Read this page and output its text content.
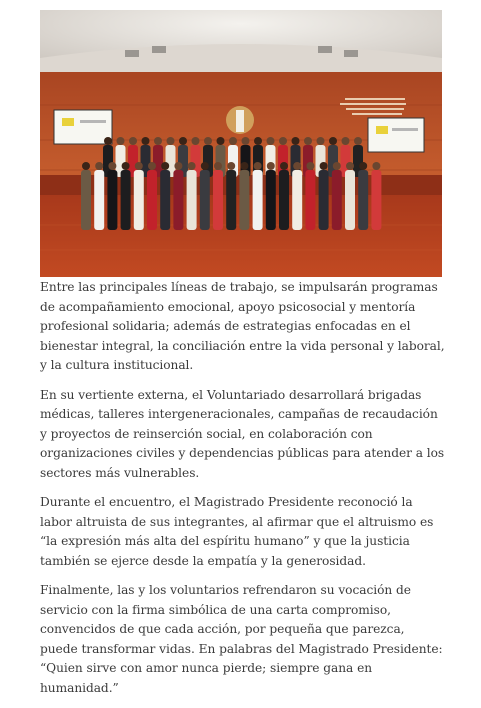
Entre las principales líneas de trabajo, se impulsarán programas de acompañamiento emocional, apoyo psicosocial y mentoría profesional solidaria; además de estrategias enfocadas en el bienestar integral, la conciliación entre la vida personal y laboral, y la cultura institucional.

En su vertiente externa, el Voluntariado desarrollará brigadas médicas, talleres intergeneracionales, campañas de recaudación y proyectos de reinserción social, en colaboración con organizaciones civiles y dependencias públicas para atender a los sectores más vulnerables.

Durante el encuentro, el Magistrado Presidente reconoció la labor altruista de sus integrantes, al afirmar que el altruismo es “la expresión más alta del espíritu humano” y que la justicia también se ejerce desde la empatía y la generosidad.

Finalmente, las y los voluntarios refrendaron su vocación de servicio con la firma simbólica de una carta compromiso, convencidos de que cada acción, por pequeña que parezca, puede transformar vidas. En palabras del Magistrado Presidente: “Quien sirve con amor nunca pierde; siempre gana en humanidad.”
